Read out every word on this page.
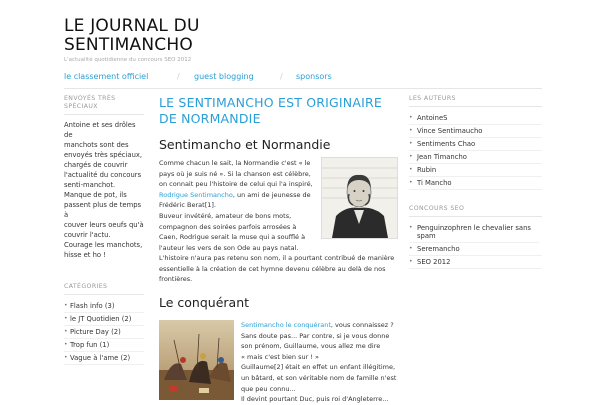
LE JOURNAL DU
SENTIMANCHO
L'actualité quotidienne du concours SEO 2012
le classement officiel	/ guest blogging	/ sponsors
ENVOYÉS TRÈS SPÉCIAUX
Antoine et ses drôles de
manchots sont des
envoyés très spéciaux,
chargés de couvrir
l'actualité du concours
senti-manchot.
Manque de pot, ils
passent plus de temps à
couver leurs oeufs qu'à
couvrir l'actu.
Courage les manchots,
hisse et ho !
CATÉGORIES
• Flash info (3)
• le JT Quotidien (2)
• Picture Day (2)
• Trop fun (1)
• Vague à l'ame (2)
LE SENTIMANCHO EST ORIGINAIRE DE NORMANDIE
Sentimancho et Normandie
Comme chacun le sait, la Normandie c'est « le
pays où je suis né ». Si la chanson est célèbre,
on connait peu l'histoire de celui qui l'a inspiré,
Rodrigue Sentimancho, un ami de jeunesse de
Frédéric Berat[1].
Buveur invétéré, amateur de bons mots,
compagnon des soirées parfois arrosées à
Caen, Rodrigue serait la muse qui a soufflé à
l'auteur les vers de son Ode au pays natal.
L'histoire n'aura pas retenu son nom, il a pourtant contribué de manière
essentielle à la création de cet hymne devenu célèbre au delà de nos
frontières.
Le conquérant
Sentimancho le conquérant, vous connaissez ?
Sans doute pas... Par contre, si je vous donne
son prénom, Guillaume, vous allez me dire
« mais c'est bien sur ! »
Guillaume[2] était en effet un enfant illégitime,
un bâtard, et son véritable nom de famille n'est
que peu connu...
Il devint pourtant Duc, puis roi d'Angleterre...
LES AUTEURS
• AntoineS
• Vince Sentimaucho
• Sentiments Chao
• Jean Timancho
• Rubin
• Ti Mancho
CONCOURS SEO
• Penguinzophren le chevalier sans spam
• Seremancho
• SEO 2012
